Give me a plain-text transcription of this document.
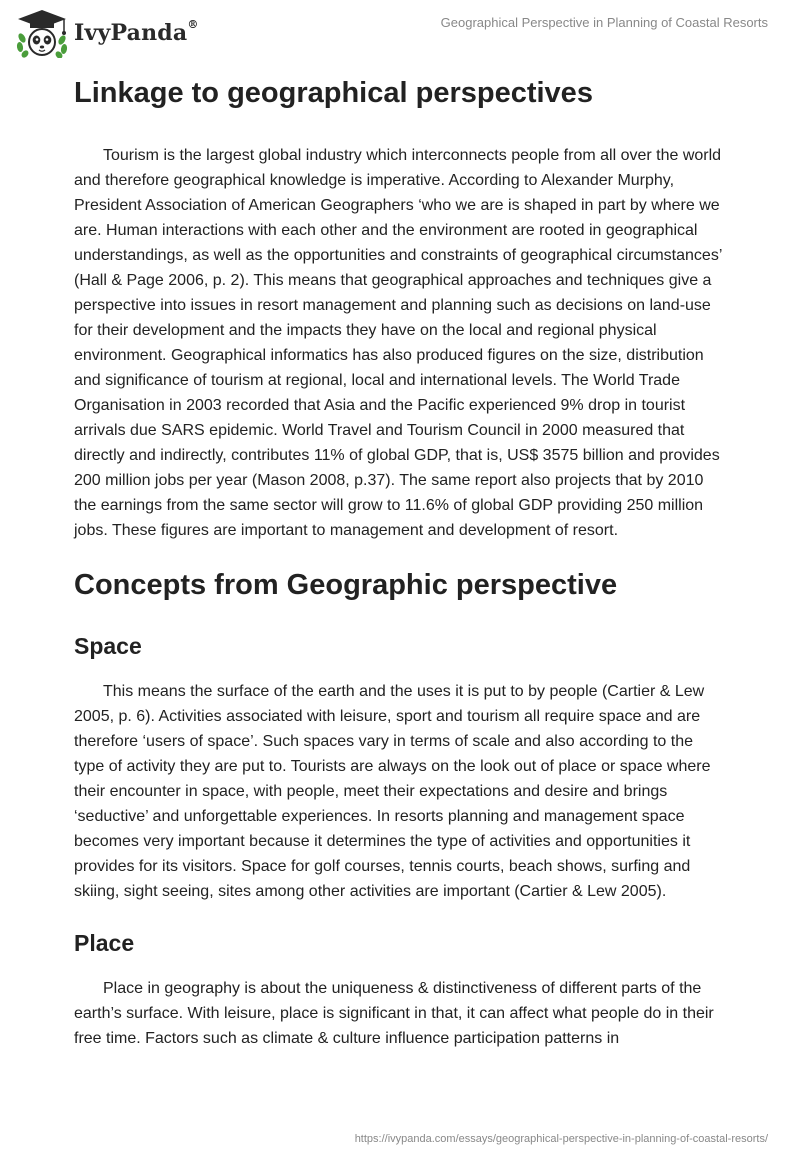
IvyPanda®	Geographical Perspective in Planning of Coastal Resorts
Linkage to geographical perspectives

Tourism is the largest global industry which interconnects people from all over the world and therefore geographical knowledge is imperative. According to Alexander Murphy, President Association of American Geographers ‘who we are is shaped in part by where we are. Human interactions with each other and the environment are rooted in geographical understandings, as well as the opportunities and constraints of geographical circumstances’ (Hall & Page 2006, p. 2). This means that geographical approaches and techniques give a perspective into issues in resort management and planning such as decisions on land-use for their development and the impacts they have on the local and regional physical environment. Geographical informatics has also produced figures on the size, distribution and significance of tourism at regional, local and international levels. The World Trade Organisation in 2003 recorded that Asia and the Pacific experienced 9% drop in tourist arrivals due SARS epidemic. World Travel and Tourism Council in 2000 measured that directly and indirectly, contributes 11% of global GDP, that is, US$ 3575 billion and provides 200 million jobs per year (Mason 2008, p.37). The same report also projects that by 2010 the earnings from the same sector will grow to 11.6% of global GDP providing 250 million jobs. These figures are important to management and development of resort.

Concepts from Geographic perspective
Space

This means the surface of the earth and the uses it is put to by people (Cartier & Lew 2005, p. 6). Activities associated with leisure, sport and tourism all require space and are therefore ‘users of space’. Such spaces vary in terms of scale and also according to the type of activity they are put to. Tourists are always on the look out of place or space where their encounter in space, with people, meet their expectations and desire and brings ‘seductive’ and unforgettable experiences. In resorts planning and management space becomes very important because it determines the type of activities and opportunities it provides for its visitors. Space for golf courses, tennis courts, beach shows, surfing and skiing, sight seeing, sites among other activities are important (Cartier & Lew 2005).

Place

Place in geography is about the uniqueness & distinctiveness of different parts of the earth’s surface. With leisure, place is significant in that, it can affect what people do in their free time. Factors such as climate & culture influence participation patterns in

https://ivypanda.com/essays/geographical-perspective-in-planning-of-coastal-resorts/
